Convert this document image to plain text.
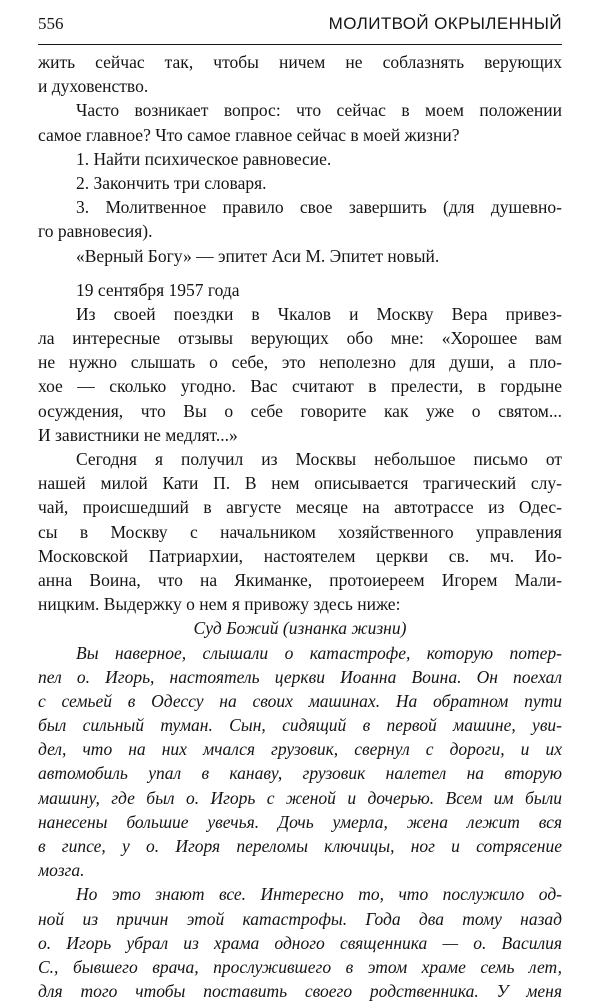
556	МОЛИТВОЙ ОКРЫЛЕННЫЙ
жить сейчас так, чтобы ничем не соблазнять верующих
и духовенство.
Часто возникает вопрос: что сейчас в моем положении
самое главное? Что самое главное сейчас в моей жизни?
1. Найти психическое равновесие.
2. Закончить три словаря.
3. Молитвенное правило свое завершить (для душевно-
го равновесия).
«Верный Богу» — эпитет Аси М. Эпитет новый.
19 сентября 1957 года
Из своей поездки в Чкалов и Москву Вера привез-
ла интересные отзывы верующих обо мне: «Хорошее вам
не нужно слышать о себе, это неполезно для души, а пло-
хое — сколько угодно. Вас считают в прелести, в гордыне
осуждения, что Вы о себе говорите как уже о святом...
И завистники не медлят...»
Сегодня я получил из Москвы небольшое письмо от
нашей милой Кати П. В нем описывается трагический слу-
чай, происшедший в августе месяце на автотрассе из Одес-
сы в Москву с начальником хозяйственного управления
Московской Патриархии, настоятелем церкви св. мч. Ио-
анна Воина, что на Якиманке, протоиереем Игорем Мали-
ницким. Выдержку о нем я привожу здесь ниже:
Суд Божий (изнанка жизни)
Вы наверное, слышали о катастрофе, которую потер-
пел о. Игорь, настоятель церкви Иоанна Воина. Он поехал
с семьей в Одессу на своих машинах. На обратном пути
был сильный туман. Сын, сидящий в первой машине, уви-
дел, что на них мчался грузовик, свернул с дороги, и их
автомобиль упал в канаву, грузовик налетел на вторую
машину, где был о. Игорь с женой и дочерью. Всем им были
нанесены большие увечья. Дочь умерла, жена лежит вся
в гипсе, у о. Игоря переломы ключицы, ног и сотрясение
мозга.
Но это знают все. Интересно то, что послужило од-
ной из причин этой катастрофы. Года два тому назад
о. Игорь убрал из храма одного священника — о. Василия
С., бывшего врача, прослужившего в этом храме семь лет,
для того чтобы поставить своего родственника. У меня
